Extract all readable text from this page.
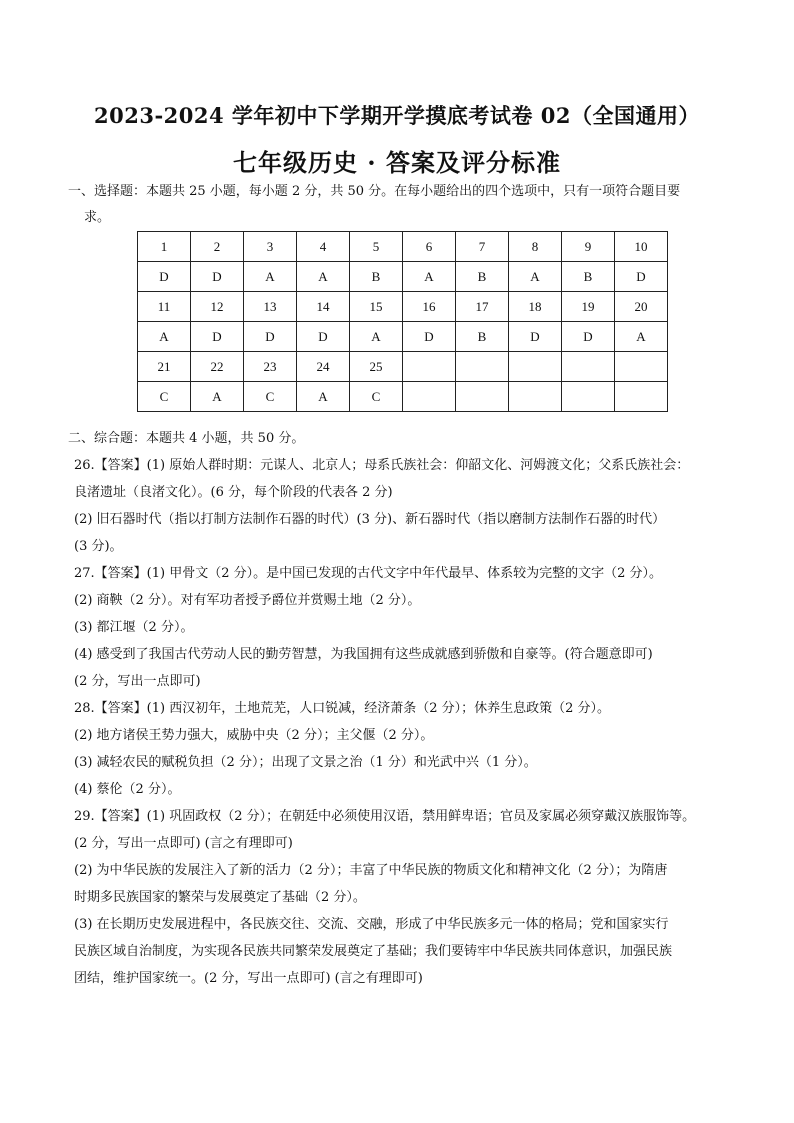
2023-2024 学年初中下学期开学摸底考试卷 02（全国通用）
七年级历史 · 答案及评分标准
一、选择题：本题共 25 小题，每小题 2 分，共 50 分。在每小题给出的四个选项中，只有一项符合题目要
求。
1	2	3	4	5	6	7	8	9	10
D	D	A	A	B	A	B	A	B	D
11	12	13	14	15	16	17	18	19	20
A	D	D	D	A	D	B	D	D	A
21	22	23	24	25					
C	A	C	A	C					
二、综合题：本题共 4 小题，共 50 分。

26.【答案】(1) 原始人群时期：元谋人、北京人；母系氏族社会：仰韶文化、河姆渡文化；父系氏族社会：

良渚遗址（良渚文化）。(6 分，每个阶段的代表各 2 分)

(2) 旧石器时代（指以打制方法制作石器的时代）(3 分)、新石器时代（指以磨制方法制作石器的时代）

(3 分)。

27.【答案】(1) 甲骨文（2 分）。是中国已发现的古代文字中年代最早、体系较为完整的文字（2 分）。

(2) 商鞅（2 分）。对有军功者授予爵位并赏赐土地（2 分）。

(3) 都江堰（2 分）。

(4) 感受到了我国古代劳动人民的勤劳智慧，为我国拥有这些成就感到骄傲和自豪等。(符合题意即可)

(2 分，写出一点即可)

28.【答案】(1) 西汉初年，土地荒芜，人口锐减，经济萧条（2 分）；休养生息政策（2 分）。

(2) 地方诸侯王势力强大，威胁中央（2 分）；主父偃（2 分）。

(3) 减轻农民的赋税负担（2 分）；出现了文景之治（1 分）和光武中兴（1 分）。

(4) 蔡伦（2 分）。

29.【答案】(1) 巩固政权（2 分）；在朝廷中必须使用汉语，禁用鲜卑语；官员及家属必须穿戴汉族服饰等。

(2 分，写出一点即可) (言之有理即可)

(2) 为中华民族的发展注入了新的活力（2 分）；丰富了中华民族的物质文化和精神文化（2 分）；为隋唐

时期多民族国家的繁荣与发展奠定了基础（2 分）。

(3) 在长期历史发展进程中，各民族交往、交流、交融，形成了中华民族多元一体的格局；党和国家实行

民族区域自治制度，为实现各民族共同繁荣发展奠定了基础；我们要铸牢中华民族共同体意识，加强民族

团结，维护国家统一。(2 分，写出一点即可) (言之有理即可)
